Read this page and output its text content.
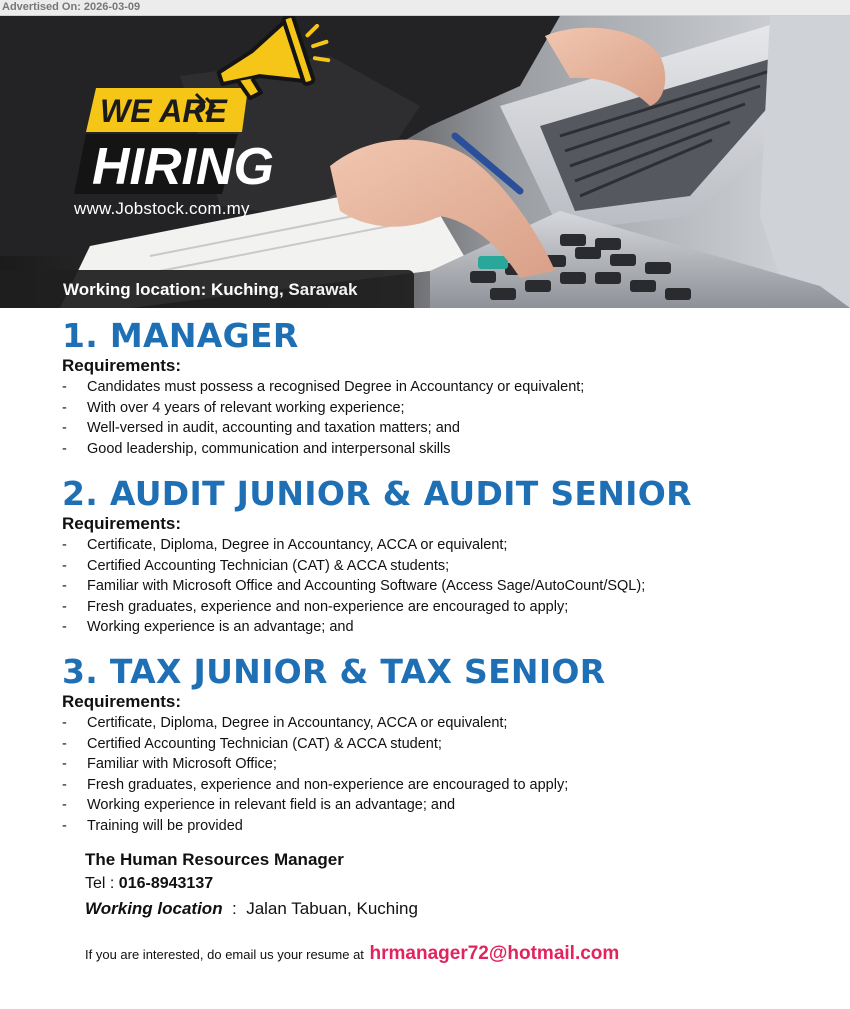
Advertised On: 2026-03-09
WE ARE
HIRING
www.Jobstock.com.my
Working location: Kuching, Sarawak
1. MANAGER

Requirements:

- Candidates must possess a recognised Degree in Accountancy or equivalent;
- With over 4 years of relevant working experience;
- Well-versed in audit, accounting and taxation matters; and
- Good leadership, communication and interpersonal skills
2. AUDIT JUNIOR & AUDIT SENIOR

Requirements:

- Certificate, Diploma, Degree in Accountancy, ACCA or equivalent;
- Certified Accounting Technician (CAT) & ACCA students;
- Familiar with Microsoft Office and Accounting Software (Access Sage/AutoCount/SQL);
- Fresh graduates, experience and non-experience are encouraged to apply;
- Working experience is an advantage; and
3. TAX JUNIOR & TAX SENIOR

Requirements:

- Certificate, Diploma, Degree in Accountancy, ACCA or equivalent;
- Certified Accounting Technician (CAT) & ACCA student;
- Familiar with Microsoft Office;
- Fresh graduates, experience and non-experience are encouraged to apply;
- Working experience in relevant field is an advantage; and
- Training will be provided
The Human Resources Manager
Tel : 016-8943137
Working location  :  Jalan Tabuan, Kuching
If you are interested, do email us your resume at hrmanager72@hotmail.com
